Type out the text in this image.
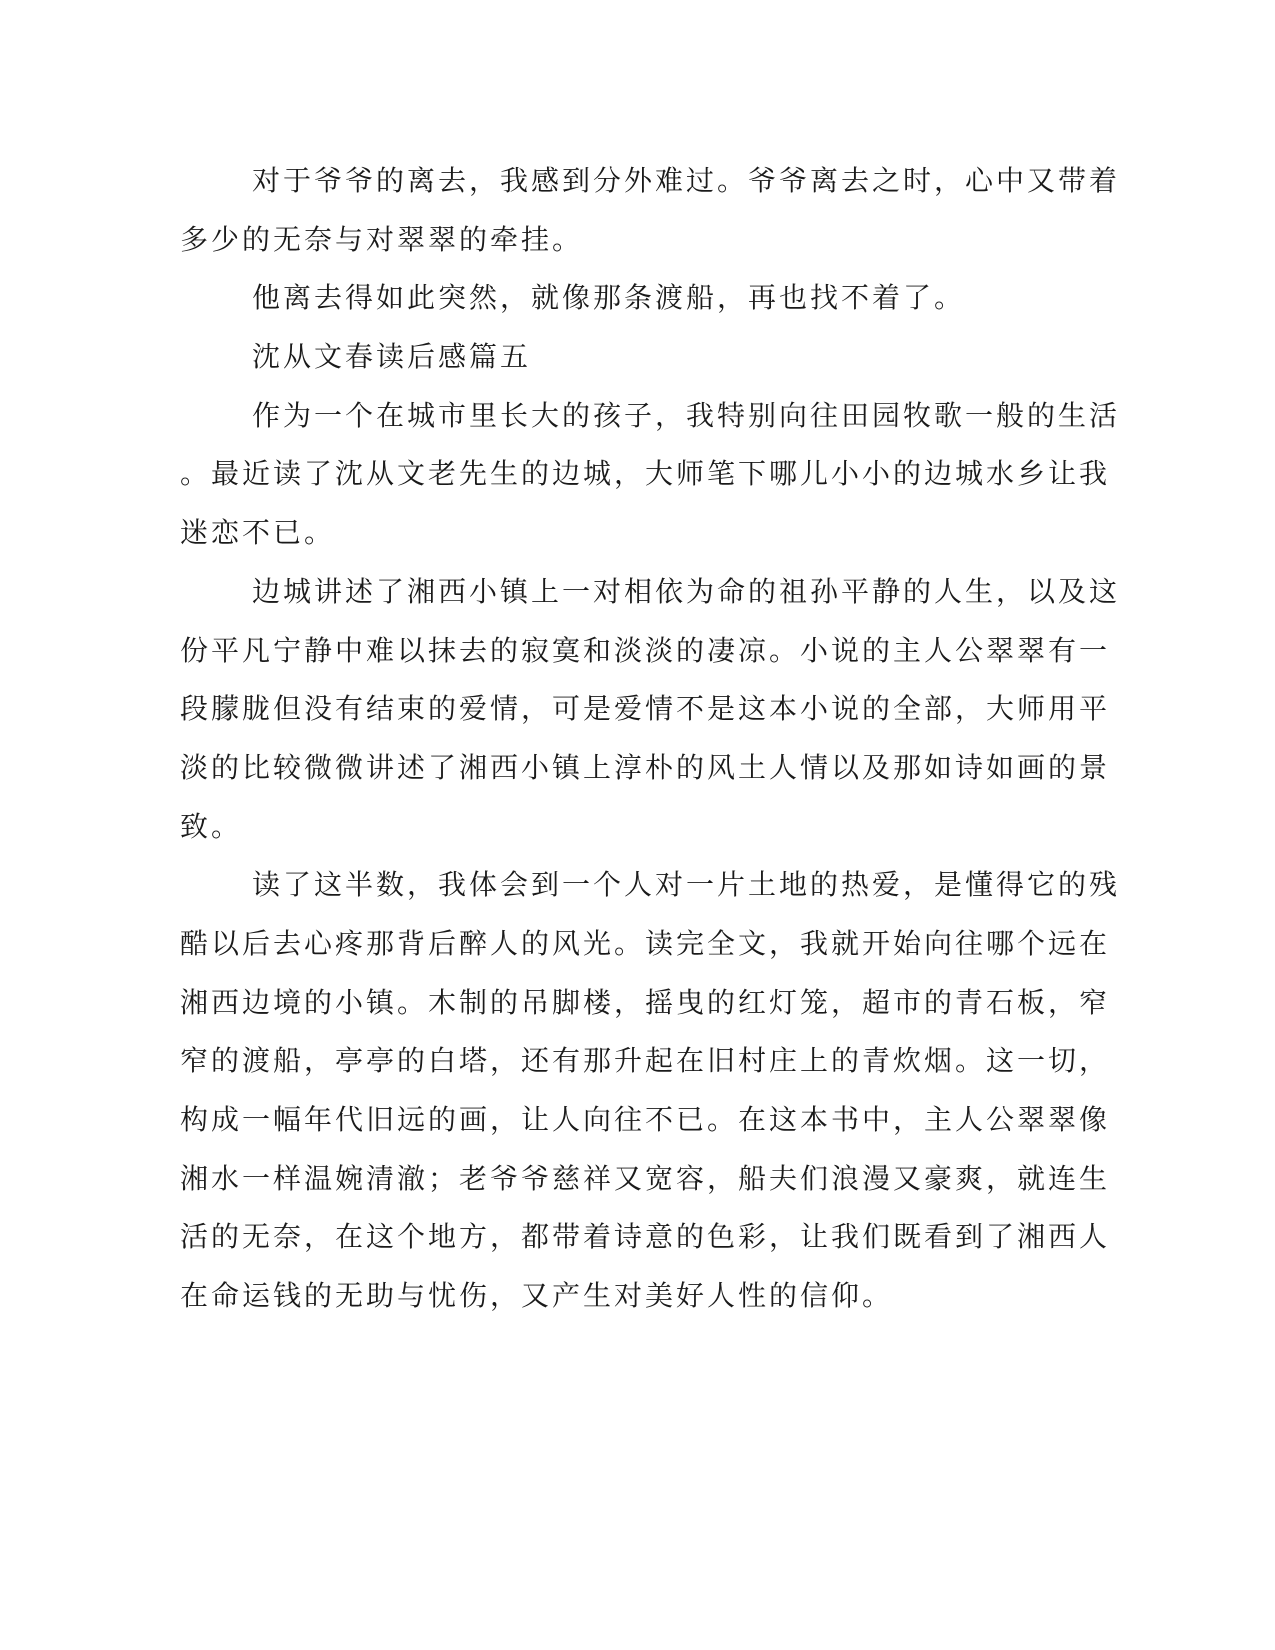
对于爷爷的离去，我感到分外难过。爷爷离去之时，心中又带着
多少的无奈与对翠翠的牵挂。
他离去得如此突然，就像那条渡船，再也找不着了。
沈从文春读后感篇五
作为一个在城市里长大的孩子，我特别向往田园牧歌一般的生活
。最近读了沈从文老先生的边城，大师笔下哪儿小小的边城水乡让我
迷恋不已。
边城讲述了湘西小镇上一对相依为命的祖孙平静的人生，以及这
份平凡宁静中难以抹去的寂寞和淡淡的凄凉。小说的主人公翠翠有一
段朦胧但没有结束的爱情，可是爱情不是这本小说的全部，大师用平
淡的比较微微讲述了湘西小镇上淳朴的风土人情以及那如诗如画的景
致。
读了这半数，我体会到一个人对一片土地的热爱，是懂得它的残
酷以后去心疼那背后醉人的风光。读完全文，我就开始向往哪个远在
湘西边境的小镇。木制的吊脚楼，摇曳的红灯笼，超市的青石板，窄
窄的渡船，亭亭的白塔，还有那升起在旧村庄上的青炊烟。这一切，
构成一幅年代旧远的画，让人向往不已。在这本书中，主人公翠翠像
湘水一样温婉清澈；老爷爷慈祥又宽容，船夫们浪漫又豪爽，就连生
活的无奈，在这个地方，都带着诗意的色彩，让我们既看到了湘西人
在命运钱的无助与忧伤，又产生对美好人性的信仰。
